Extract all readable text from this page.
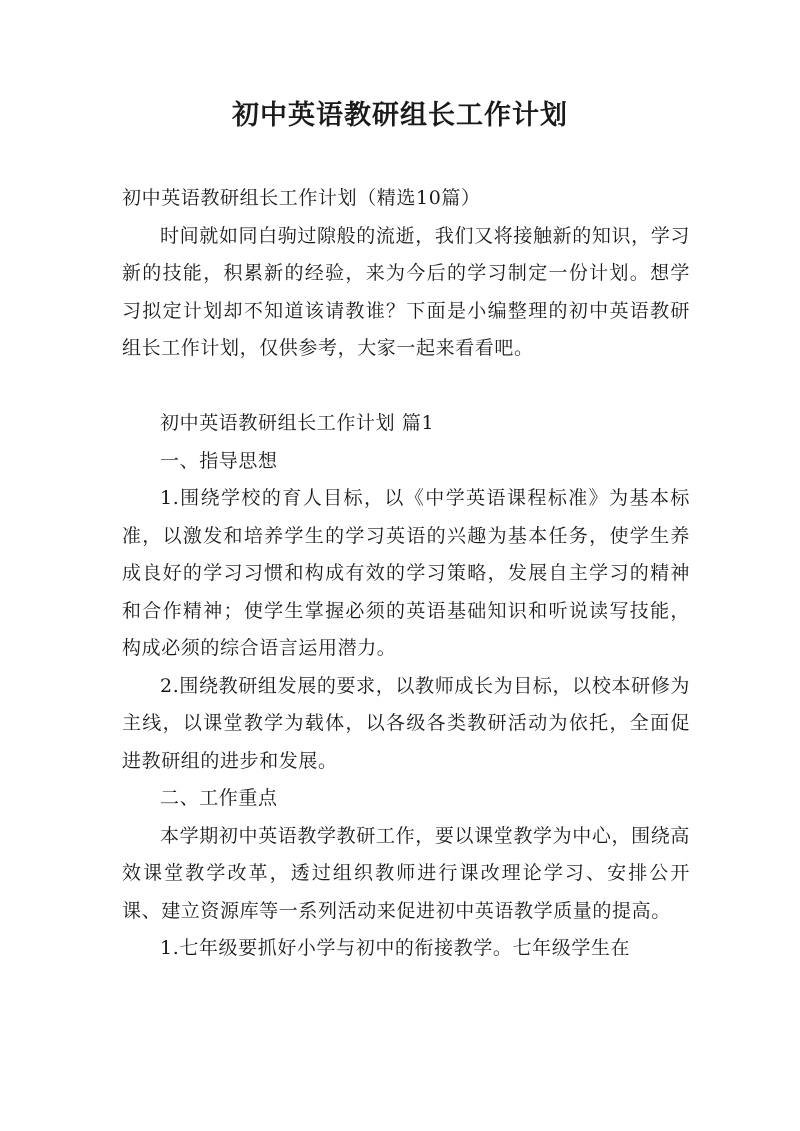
初中英语教研组长工作计划

初中英语教研组长工作计划（精选10篇）

时间就如同白驹过隙般的流逝，我们又将接触新的知识，学习新的技能，积累新的经验，来为今后的学习制定一份计划。想学习拟定计划却不知道该请教谁？下面是小编整理的初中英语教研组长工作计划，仅供参考，大家一起来看看吧。

初中英语教研组长工作计划 篇1

一、指导思想

1.围绕学校的育人目标，以《中学英语课程标准》为基本标准，以激发和培养学生的学习英语的兴趣为基本任务，使学生养成良好的学习习惯和构成有效的学习策略，发展自主学习的精神和合作精神；使学生掌握必须的英语基础知识和听说读写技能，构成必须的综合语言运用潜力。

2.围绕教研组发展的要求，以教师成长为目标，以校本研修为主线，以课堂教学为载体，以各级各类教研活动为依托，全面促进教研组的进步和发展。

二、工作重点

本学期初中英语教学教研工作，要以课堂教学为中心，围绕高效课堂教学改革，透过组织教师进行课改理论学习、安排公开课、建立资源库等一系列活动来促进初中英语教学质量的提高。

1.七年级要抓好小学与初中的衔接教学。七年级学生在
